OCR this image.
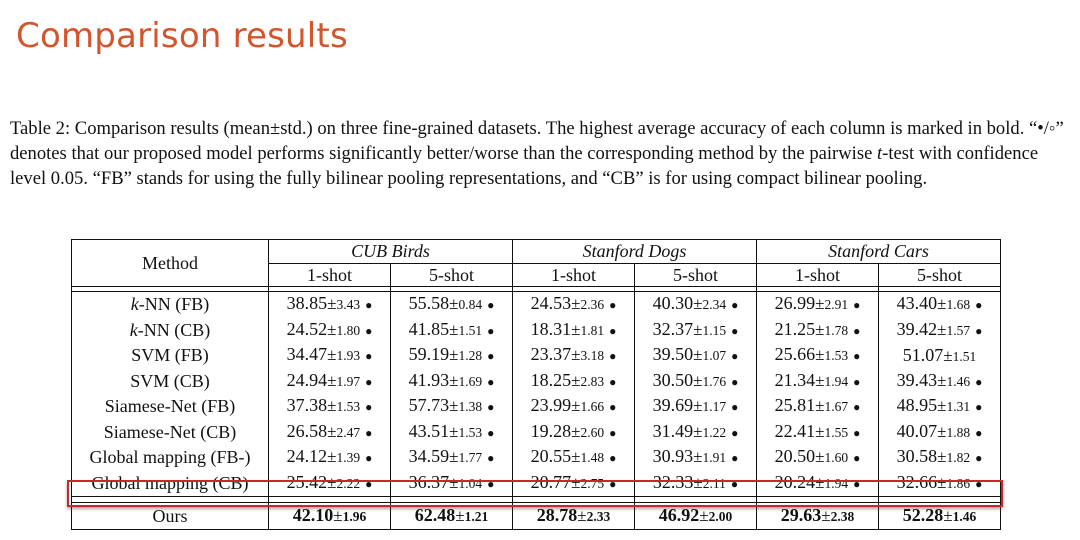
Comparison results

Table 2: Comparison results (mean±std.) on three fine-grained datasets. The highest average accuracy of each column is marked in bold. “•/◦” denotes that our proposed model performs significantly better/worse than the corresponding method by the pairwise t-test with confidence level 0.05. “FB” stands for using the fully bilinear pooling representations, and “CB” is for using compact bilinear pooling.

Method	CUB Birds		Stanford Dogs		Stanford Cars	
	1-shot	5-shot	1-shot	5-shot	1-shot	5-shot

k-NN (FB)	38.85±3.43 ●	55.58±0.84 ●	24.53±2.36 ●	40.30±2.34 ●	26.99±2.91 ●	43.40±1.68 ●
k-NN (CB)	24.52±1.80 ●	41.85±1.51 ●	18.31±1.81 ●	32.37±1.15 ●	21.25±1.78 ●	39.42±1.57 ●
SVM (FB)	34.47±1.93 ●	59.19±1.28 ●	23.37±3.18 ●	39.50±1.07 ●	25.66±1.53 ●	51.07±1.51
SVM (CB)	24.94±1.97 ●	41.93±1.69 ●	18.25±2.83 ●	30.50±1.76 ●	21.34±1.94 ●	39.43±1.46 ●
Siamese-Net (FB)	37.38±1.53 ●	57.73±1.38 ●	23.99±1.66 ●	39.69±1.17 ●	25.81±1.67 ●	48.95±1.31 ●
Siamese-Net (CB)	26.58±2.47 ●	43.51±1.53 ●	19.28±2.60 ●	31.49±1.22 ●	22.41±1.55 ●	40.07±1.88 ●
Global mapping (FB-)	24.12±1.39 ●	34.59±1.77 ●	20.55±1.48 ●	30.93±1.91 ●	20.50±1.60 ●	30.58±1.82 ●
Global mapping (CB)	25.42±2.22 ●	36.37±1.04 ●	20.77±2.75 ●	32.33±2.11 ●	20.24±1.94 ●	32.66±1.86 ●

Ours	42.10±1.96	62.48±1.21	28.78±2.33	46.92±2.00	29.63±2.38	52.28±1.46
